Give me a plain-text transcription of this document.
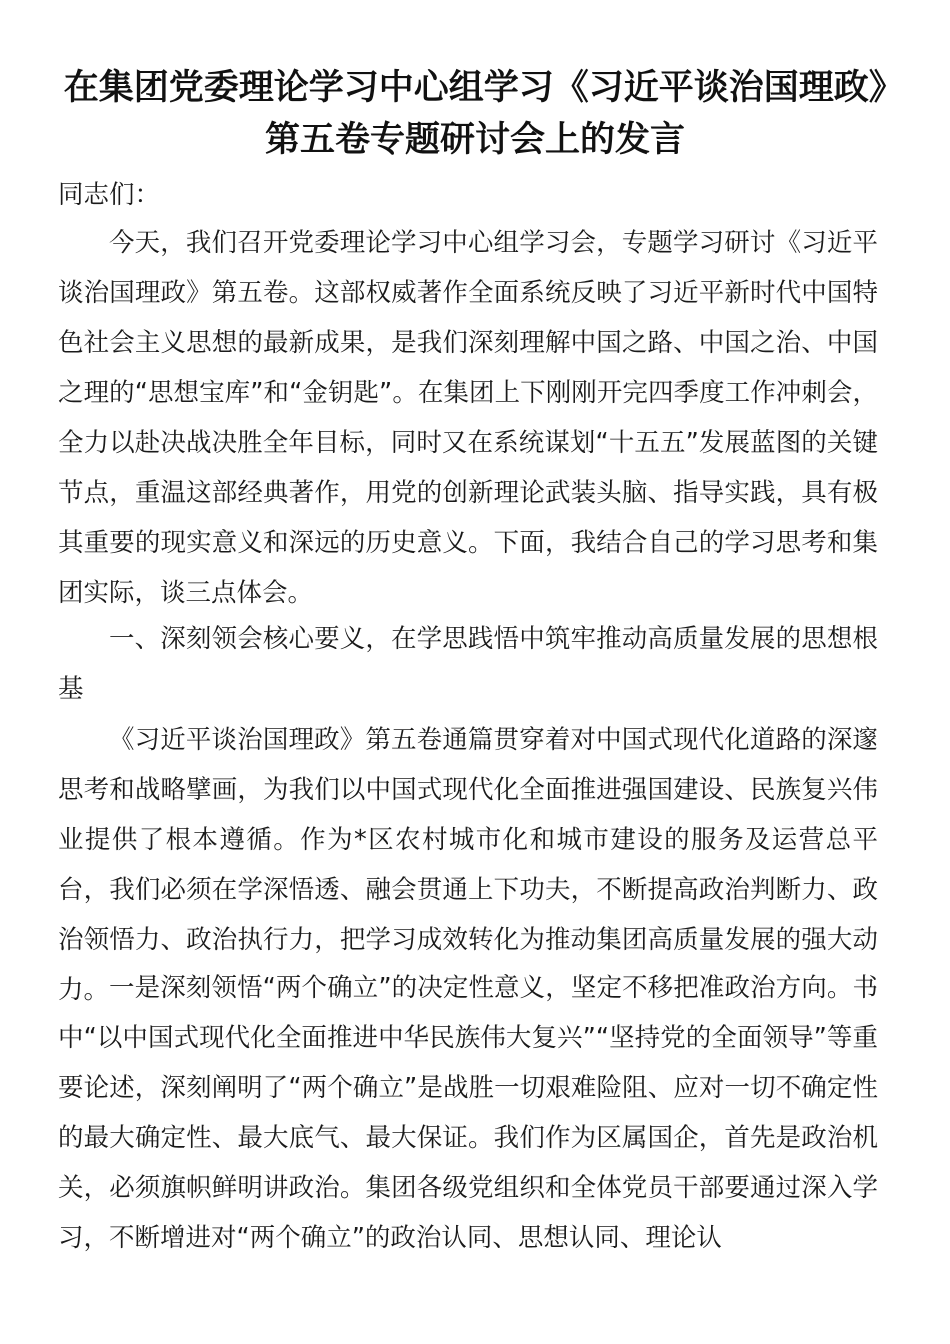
在集团党委理论学习中心组学习《习近平谈治国理政》第五卷专题研讨会上的发言

同志们：

今天，我们召开党委理论学习中心组学习会，专题学习研讨《习近平谈治国理政》第五卷。这部权威著作全面系统反映了习近平新时代中国特色社会主义思想的最新成果，是我们深刻理解中国之路、中国之治、中国之理的“思想宝库”和“金钥匙”。在集团上下刚刚开完四季度工作冲刺会，全力以赴决战决胜全年目标，同时又在系统谋划“十五五”发展蓝图的关键节点，重温这部经典著作，用党的创新理论武装头脑、指导实践，具有极其重要的现实意义和深远的历史意义。下面，我结合自己的学习思考和集团实际，谈三点体会。

一、深刻领会核心要义，在学思践悟中筑牢推动高质量发展的思想根基

《习近平谈治国理政》第五卷通篇贯穿着对中国式现代化道路的深邃思考和战略擘画，为我们以中国式现代化全面推进强国建设、民族复兴伟业提供了根本遵循。作为*区农村城市化和城市建设的服务及运营总平台，我们必须在学深悟透、融会贯通上下功夫，不断提高政治判断力、政治领悟力、政治执行力，把学习成效转化为推动集团高质量发展的强大动力。 一是深刻领悟“两个确立”的决定性意义，坚定不移把准政治方向。书中“以中国式现代化全面推进中华民族伟大复兴”“坚持党的全面领导”等重要论述，深刻阐明了“两个确立”是战胜一切艰难险阻、应对一切不确定性的最大确定性、最大底气、最大保证。我们作为区属国企，首先是政治机关，必须旗帜鲜明讲政治。集团各级党组织和全体党员干部要通过深入学习，不断增进对“两个确立”的政治认同、思想认同、理论认
